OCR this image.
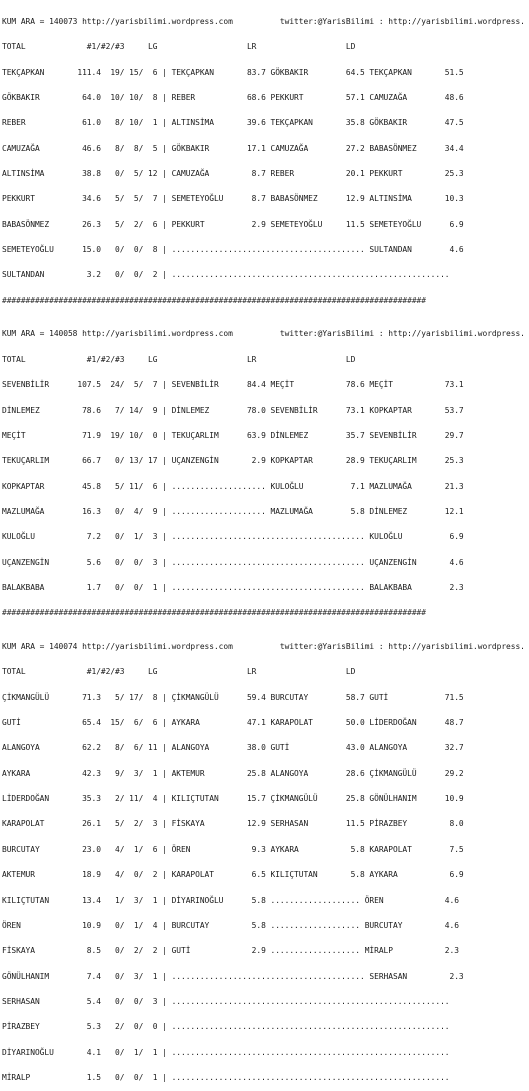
KUM ARA = 140073 http://yarisbilimi.wordpress.com          twitter:@YarisBilimi : http://yarisbilimi.wordpress.

TOTAL             #1/#2/#3     LG                   LR                   LD

TEKÇAPKAN       111.4  19/ 15/  6 | TEKÇAPKAN       83.7 GÖKBAKIR        64.5 TEKÇAPKAN       51.5

GÖKBAKIR         64.0  10/ 10/  8 | REBER           68.6 PEKKURT         57.1 CAMUZAĞA        48.6

REBER            61.0   8/ 10/  1 | ALTINSİMA       39.6 TEKÇAPKAN       35.8 GÖKBAKIR        47.5

CAMUZAĞA         46.6   8/  8/  5 | GÖKBAKIR        17.1 CAMUZAĞA        27.2 BABASÖNMEZ      34.4

ALTINSİMA        38.8   0/  5/ 12 | CAMUZAĞA         8.7 REBER           20.1 PEKKURT         25.3

PEKKURT          34.6   5/  5/  7 | SEMETEYOĞLU      8.7 BABASÖNMEZ      12.9 ALTINSİMA       10.3

BABASÖNMEZ       26.3   5/  2/  6 | PEKKURT          2.9 SEMETEYOĞLU     11.5 SEMETEYOĞLU      6.9

SEMETEYOĞLU      15.0   0/  0/  8 | ......................................... SULTANDAN        4.6

SULTANDAN         3.2   0/  0/  2 | ...........................................................

##########################################################################################

KUM ARA = 140058 http://yarisbilimi.wordpress.com          twitter:@YarisBilimi : http://yarisbilimi.wordpress.

TOTAL             #1/#2/#3     LG                   LR                   LD

SEVENBİLİR      107.5  24/  5/  7 | SEVENBİLİR      84.4 MEÇİT           78.6 MEÇİT           73.1

DİNLEMEZ         78.6   7/ 14/  9 | DİNLEMEZ        78.0 SEVENBİLİR      73.1 KOPKAPTAR       53.7

MEÇİT            71.9  19/ 10/  0 | TEKUÇARLIM      63.9 DİNLEMEZ        35.7 SEVENBİLİR      29.7

TEKUÇARLIM       66.7   0/ 13/ 17 | UÇANZENGİN       2.9 KOPKAPTAR       28.9 TEKUÇARLIM      25.3

KOPKAPTAR        45.8   5/ 11/  6 | .................... KULOĞLU          7.1 MAZLUMAĞA       21.3

MAZLUMAĞA        16.3   0/  4/  9 | .................... MAZLUMAĞA        5.8 DİNLEMEZ        12.1

KULOĞLU           7.2   0/  1/  3 | ......................................... KULOĞLU          6.9

UÇANZENGİN        5.6   0/  0/  3 | ......................................... UÇANZENGİN       4.6

BALAKBABA         1.7   0/  0/  1 | ......................................... BALAKBABA        2.3

##########################################################################################

KUM ARA = 140074 http://yarisbilimi.wordpress.com          twitter:@YarisBilimi : http://yarisbilimi.wordpress.

TOTAL             #1/#2/#3     LG                   LR                   LD

ÇİKMANGÜLÜ       71.3   5/ 17/  8 | ÇİKMANGÜLÜ      59.4 BURCUTAY        58.7 GUTİ            71.5

GUTİ             65.4  15/  6/  6 | AYKARA          47.1 KARAPOLAT       50.0 LİDERDOĞAN      48.7

ALANGOYA         62.2   8/  6/ 11 | ALANGOYA        38.0 GUTİ            43.0 ALANGOYA        32.7

AYKARA           42.3   9/  3/  1 | AKTEMUR         25.8 ALANGOYA        28.6 ÇİKMANGÜLÜ      29.2

LİDERDOĞAN       35.3   2/ 11/  4 | KILIÇTUTAN      15.7 ÇİKMANGÜLÜ      25.8 GÖNÜLHANIM      10.9

KARAPOLAT        26.1   5/  2/  3 | FİSKAYA         12.9 SERHASAN        11.5 PİRAZBEY         8.0

BURCUTAY         23.0   4/  1/  6 | ÖREN             9.3 AYKARA           5.8 KARAPOLAT        7.5

AKTEMUR          18.9   4/  0/  2 | KARAPOLAT        6.5 KILIÇTUTAN       5.8 AYKARA           6.9

KILIÇTUTAN       13.4   1/  3/  1 | DİYARINOĞLU      5.8 ................... ÖREN             4.6

ÖREN             10.9   0/  1/  4 | BURCUTAY         5.8 ................... BURCUTAY         4.6

FİSKAYA           8.5   0/  2/  2 | GUTİ             2.9 ................... MİRALP           2.3

GÖNÜLHANIM        7.4   0/  3/  1 | ......................................... SERHASAN         2.3

SERHASAN          5.4   0/  0/  3 | ...........................................................

PİRAZBEY          5.3   2/  0/  0 | ...........................................................

DİYARINOĞLU       4.1   0/  1/  1 | ...........................................................

MİRALP            1.5   0/  0/  1 | ...........................................................
